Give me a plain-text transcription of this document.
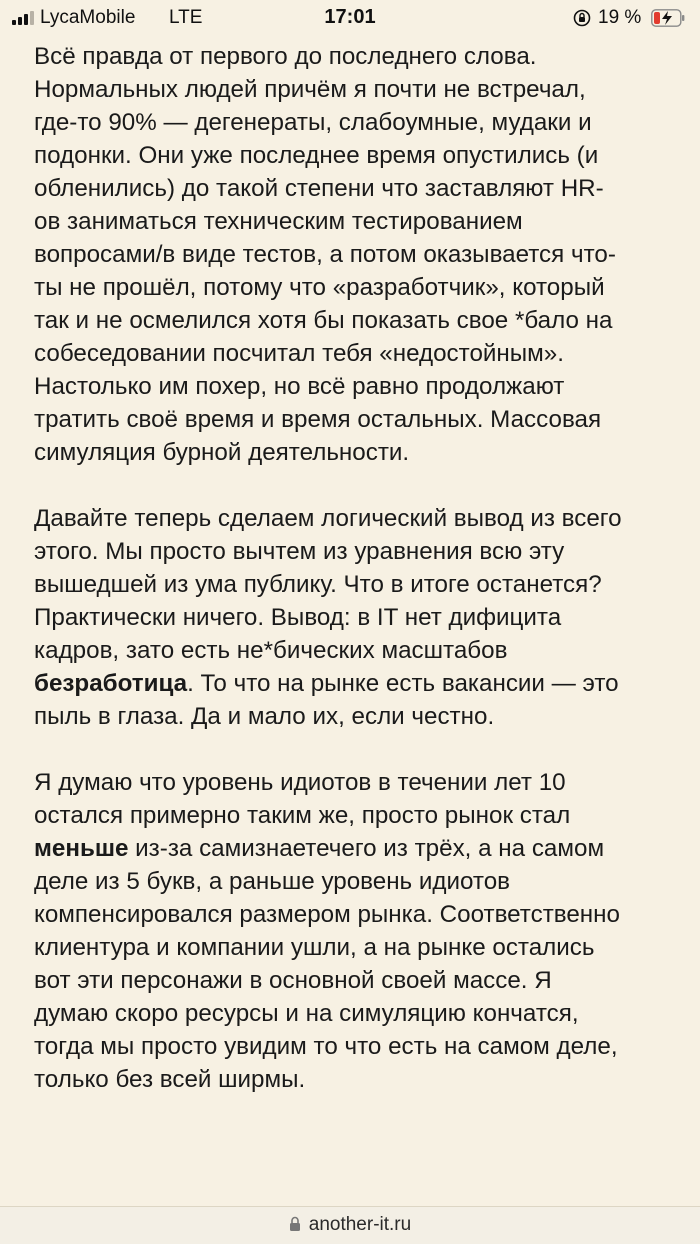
LycaMobile LTE	17:01	19 %

Всё правда от первого до последнего слова.
Нормальных людей причём я почти не встречал,
где-то 90% — дегенераты, слабоумные, мудаки и
подонки. Они уже последнее время опустились (и
обленились) до такой степени что заставляют HR-
ов заниматься техническим тестированием
вопросами/в виде тестов, а потом оказывается что-
ты не прошёл, потому что «разработчик», который
так и не осмелился хотя бы показать свое *бало на
собеседовании посчитал тебя «недостойным».
Настолько им похер, но всё равно продолжают
тратить своё время и время остальных. Массовая
симуляция бурной деятельности.

Давайте теперь сделаем логический вывод из всего
этого. Мы просто вычтем из уравнения всю эту
вышедшей из ума публику. Что в итоге останется?
Практически ничего. Вывод: в IT нет дифицита
кадров, зато есть не*бических масштабов
безработица. То что на рынке есть вакансии — это
пыль в глаза. Да и мало их, если честно.

Я думаю что уровень идиотов в течении лет 10
остался примерно таким же, просто рынок стал
меньше из-за самизнаетечего из трёх, а на самом
деле из 5 букв, а раньше уровень идиотов
компенсировался размером рынка. Соответственно
клиентура и компании ушли, а на рынке остались
вот эти персонажи в основной своей массе. Я
думаю скоро ресурсы и на симуляцию кончатся,
тогда мы просто увидим то что есть на самом деле,
только без всей ширмы.

another-it.ru
